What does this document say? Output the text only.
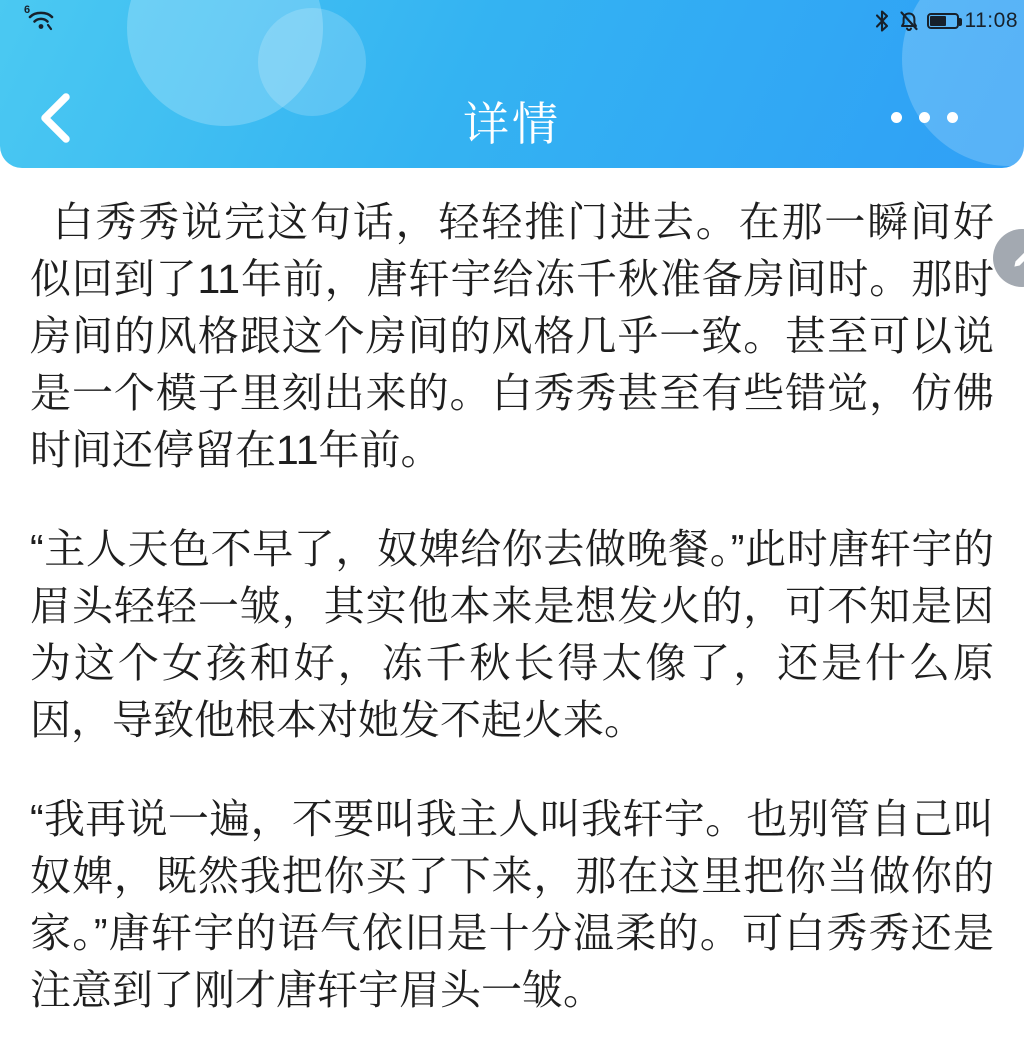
6	11:08
详情

白秀秀说完这句话，轻轻推门进去。在那一瞬间好似回到了11年前，唐轩宇给冻千秋准备房间时。那时房间的风格跟这个房间的风格几乎一致。甚至可以说是一个模子里刻出来的。白秀秀甚至有些错觉，仿佛时间还停留在11年前。

“主人天色不早了，奴婢给你去做晚餐。”此时唐轩宇的眉头轻轻一皱，其实他本来是想发火的，可不知是因为这个女孩和好，冻千秋长得太像了，还是什么原因，导致他根本对她发不起火来。

“我再说一遍，不要叫我主人叫我轩宇。也别管自己叫奴婢，既然我把你买了下来，那在这里把你当做你的家。”唐轩宇的语气依旧是十分温柔的。可白秀秀还是注意到了刚才唐轩宇眉头一皱。
